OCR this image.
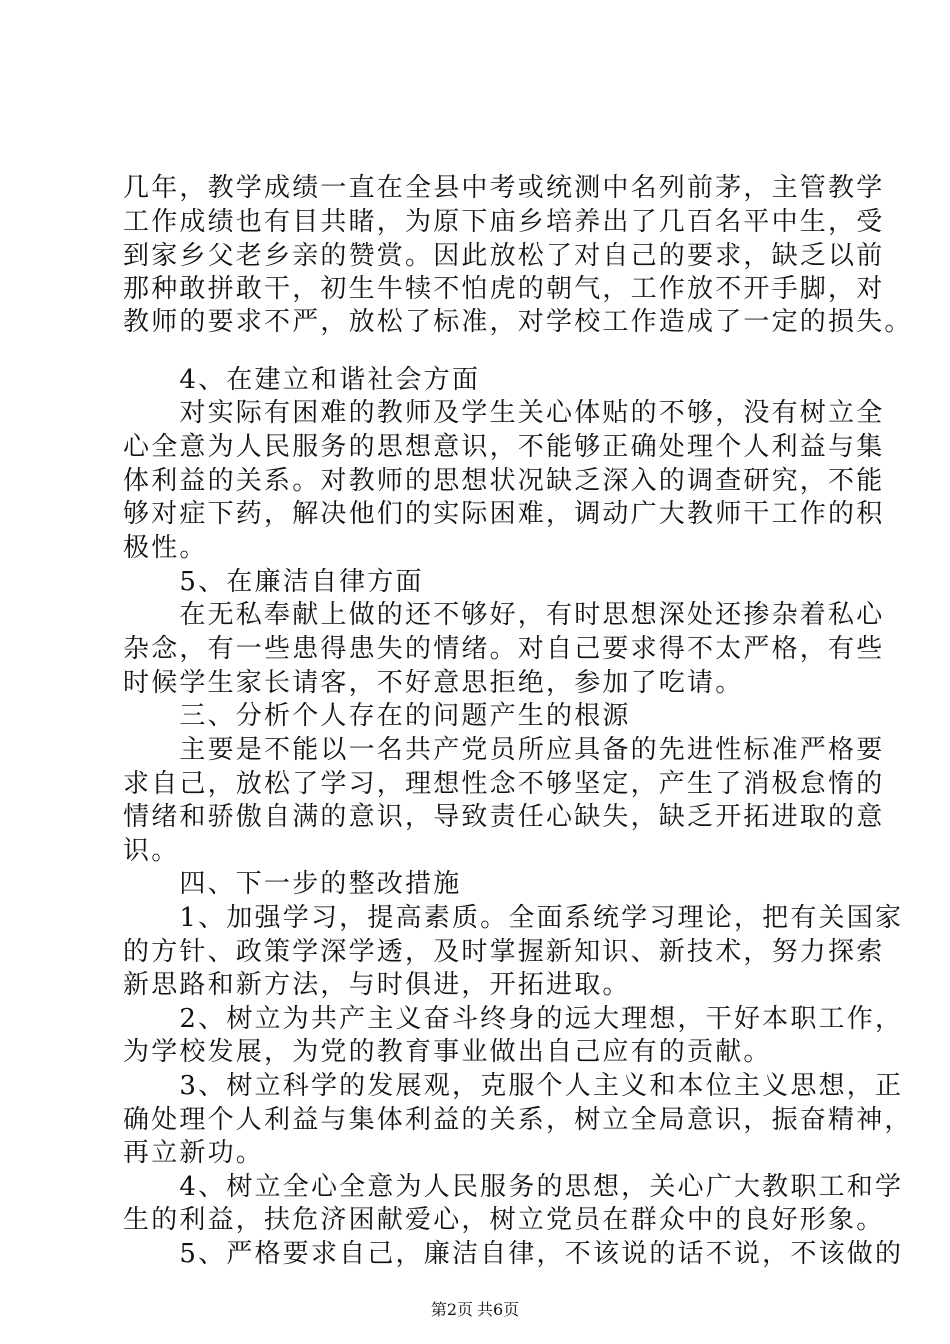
几年，教学成绩一直在全县中考或统测中名列前茅，主管教学
工作成绩也有目共睹，为原下庙乡培养出了几百名平中生，受
到家乡父老乡亲的赞赏。因此放松了对自己的要求，缺乏以前
那种敢拼敢干，初生牛犊不怕虎的朝气，工作放不开手脚，对
教师的要求不严，放松了标准，对学校工作造成了一定的损失。
　　4、在建立和谐社会方面
　　对实际有困难的教师及学生关心体贴的不够，没有树立全
心全意为人民服务的思想意识，不能够正确处理个人利益与集
体利益的关系。对教师的思想状况缺乏深入的调查研究，不能
够对症下药，解决他们的实际困难，调动广大教师干工作的积
极性。
　　5、在廉洁自律方面
　　在无私奉献上做的还不够好，有时思想深处还掺杂着私心
杂念，有一些患得患失的情绪。对自己要求得不太严格，有些
时候学生家长请客，不好意思拒绝，参加了吃请。
　　三、分析个人存在的问题产生的根源
　　主要是不能以一名共产党员所应具备的先进性标准严格要
求自己，放松了学习，理想性念不够坚定，产生了消极怠惰的
情绪和骄傲自满的意识，导致责任心缺失，缺乏开拓进取的意
识。
　　四、下一步的整改措施
　　1、加强学习，提高素质。全面系统学习理论，把有关国家
的方针、政策学深学透，及时掌握新知识、新技术，努力探索
新思路和新方法，与时俱进，开拓进取。
　　2、树立为共产主义奋斗终身的远大理想，干好本职工作，
为学校发展，为党的教育事业做出自己应有的贡献。
　　3、树立科学的发展观，克服个人主义和本位主义思想，正
确处理个人利益与集体利益的关系，树立全局意识，振奋精神，
再立新功。
　　4、树立全心全意为人民服务的思想，关心广大教职工和学
生的利益，扶危济困献爱心，树立党员在群众中的良好形象。
　　5、严格要求自己，廉洁自律，不该说的话不说，不该做的
第2页 共6页
